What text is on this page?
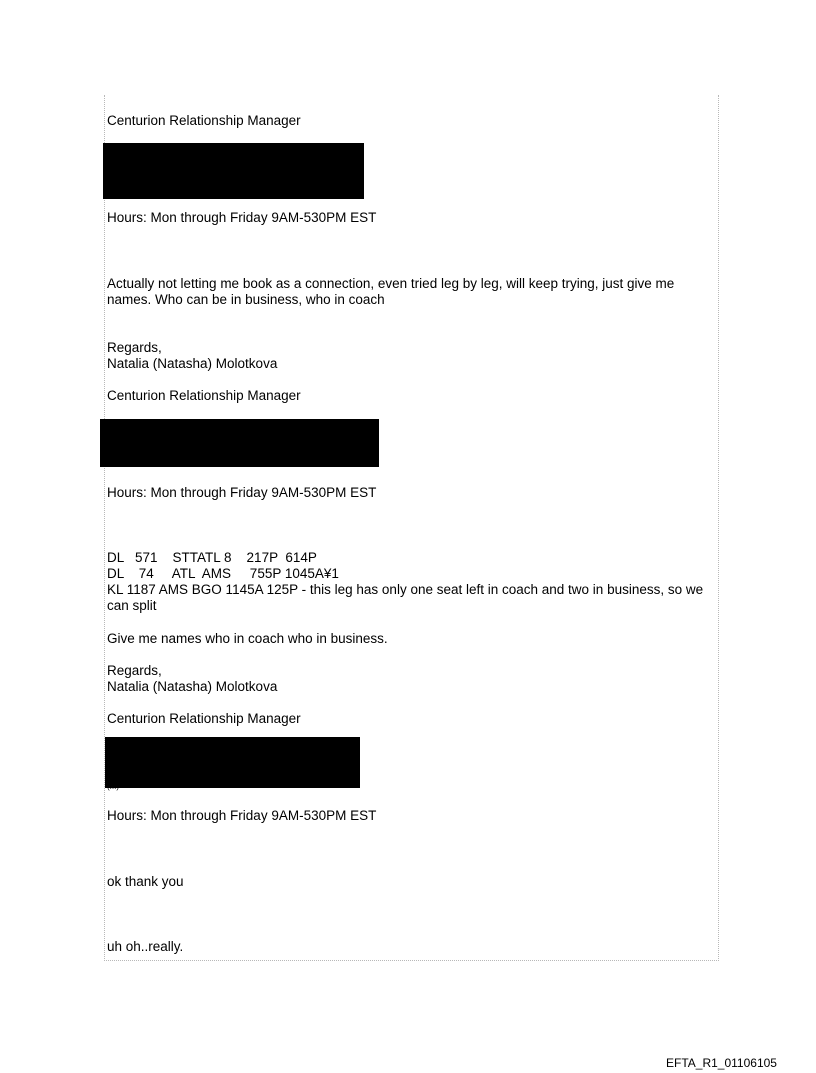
Centurion Relationship Manager
Hours: Mon through Friday 9AM-530PM EST
Actually not letting me book as a connection, even tried leg by leg, will keep trying, just give me names. Who can be in business, who in coach
Regards,
Natalia (Natasha) Molotkova
Centurion Relationship Manager
Hours: Mon through Friday 9AM-530PM EST
DL   571    STTATL 8    217P  614P
DL    74     ATL  AMS     755P 1045A¥1
KL 1187 AMS BGO 1145A 125P - this leg has only one seat left in coach and two in business, so we can split
Give me names who in coach who in business.
Regards,
Natalia (Natasha) Molotkova
Centurion Relationship Manager
Hours: Mon through Friday 9AM-530PM EST
ok thank you
uh oh..really.
EFTA_R1_01106105
